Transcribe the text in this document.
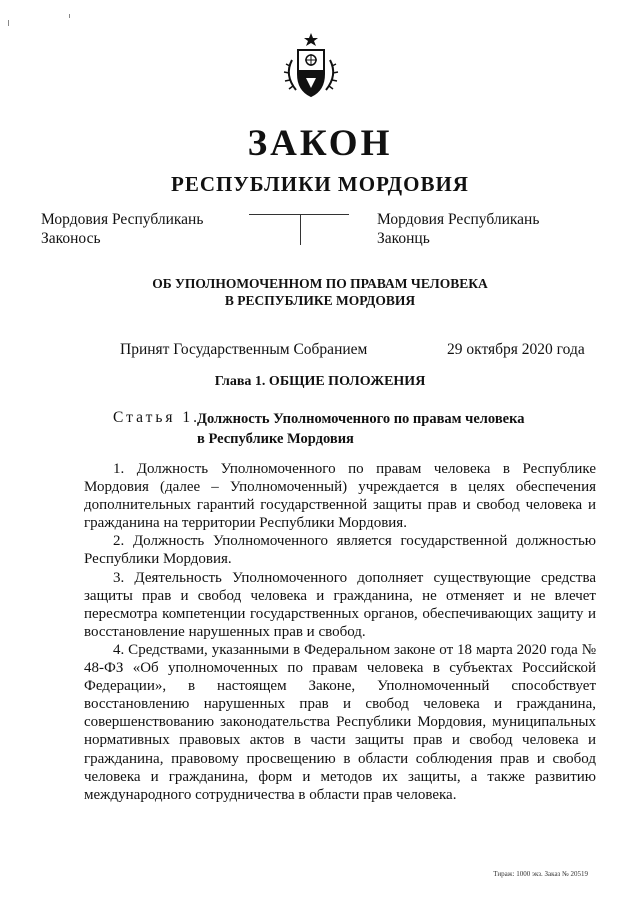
ЗАКОН
РЕСПУБЛИКИ МОРДОВИЯ
Мордовия Республикань
Законось
Мордовия Республикань
Законць
ОБ УПОЛНОМОЧЕННОМ ПО ПРАВАМ ЧЕЛОВЕКА
В РЕСПУБЛИКЕ МОРДОВИЯ
Принят Государственным Собранием	29 октября 2020 года
Глава 1. ОБЩИЕ ПОЛОЖЕНИЯ
Статья 1.
Должность Уполномоченного по правам человека
в Республике Мордовия

1. Должность Уполномоченного по правам человека в Республике Мордовия (далее – Уполномоченный) учреждается в целях обеспечения дополнительных гарантий государственной защиты прав и свобод человека и гражданина на территории Республики Мордовия.

2. Должность Уполномоченного является государственной должностью Республики Мордовия.

3. Деятельность Уполномоченного дополняет существующие средства защиты прав и свобод человека и гражданина, не отменяет и не влечет пересмотра компетенции государственных органов, обеспечивающих защиту и восстановление нарушенных прав и свобод.

4. Средствами, указанными в Федеральном законе от 18 марта 2020 года № 48-ФЗ «Об уполномоченных по правам человека в субъектах Российской Федерации», в настоящем Законе, Уполномоченный способствует восстановлению нарушенных прав и свобод человека и гражданина, совершенствованию законодательства Республики Мордовия, муниципальных нормативных правовых актов в части защиты прав и свобод человека и гражданина, правовому просвещению в области соблюдения прав и свобод человека и гражданина, форм и методов их защиты, а также развитию международного сотрудничества в области прав человека.

Тираж: 1000 экз. Заказ № 20519
